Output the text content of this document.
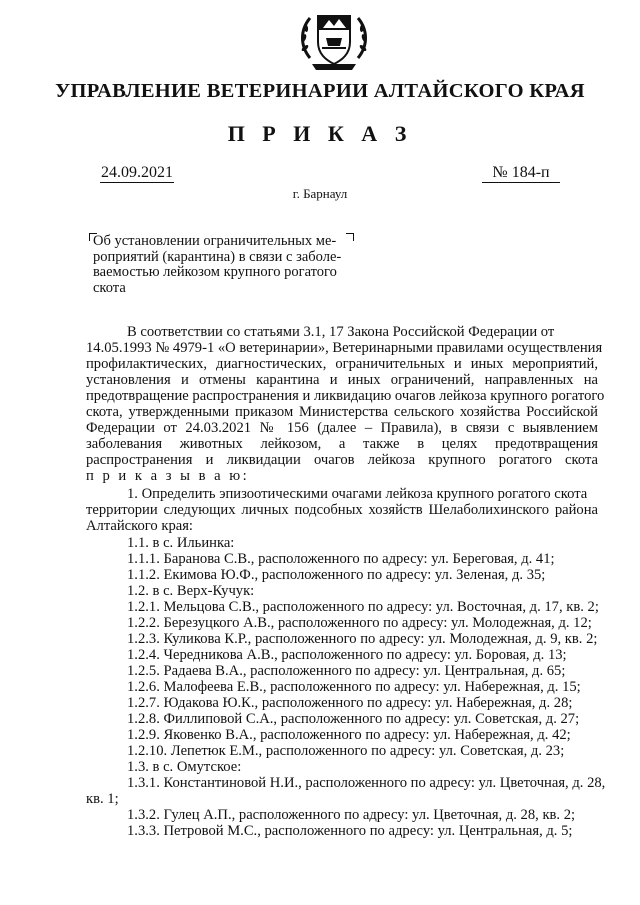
УПРАВЛЕНИЕ ВЕТЕРИНАРИИ АЛТАЙСКОГО КРАЯ
П Р И К А З
24.09.2021	№ 184-п
г. Барнаул
Об установлении ограничительных ме-
роприятий (карантина) в связи с заболе-
ваемостью лейкозом крупного рогатого
скота
В соответствии со статьями 3.1, 17 Закона Российской Федерации от
14.05.1993 № 4979-1 «О ветеринарии», Ветеринарными правилами осуществления
профилактических, диагностических, ограничительных и иных мероприятий,
установления и отмены карантина и иных ограничений, направленных на
предотвращение распространения и ликвидацию очагов лейкоза крупного рогатого
скота, утвержденными приказом Министерства сельского хозяйства Российской
Федерации от 24.03.2021 № 156 (далее – Правила), в связи с выявлением
заболевания животных лейкозом, а также в целях предотвращения
распространения и ликвидации очагов лейкоза крупного рогатого скота
п р и к а з ы в а ю:
1. Определить эпизоотическими очагами лейкоза крупного рогатого скота
территории следующих личных подсобных хозяйств Шелаболихинского района
Алтайского края:
1.1. в с. Ильинка:
1.1.1. Баранова С.В., расположенного по адресу: ул. Береговая, д. 41;
1.1.2. Екимова Ю.Ф., расположенного по адресу: ул. Зеленая, д. 35;
1.2. в с. Верх-Кучук:
1.2.1. Мельцова С.В., расположенного по адресу: ул. Восточная, д. 17, кв. 2;
1.2.2. Березуцкого А.В., расположенного по адресу: ул. Молодежная, д. 12;
1.2.3. Куликова К.Р., расположенного по адресу: ул. Молодежная, д. 9, кв. 2;
1.2.4. Чередникова А.В., расположенного по адресу: ул. Боровая, д. 13;
1.2.5. Радаева В.А., расположенного по адресу: ул. Центральная, д. 65;
1.2.6. Малофеева Е.В., расположенного по адресу: ул. Набережная, д. 15;
1.2.7. Юдакова Ю.К., расположенного по адресу: ул. Набережная, д. 28;
1.2.8. Филлиповой С.А., расположенного по адресу: ул. Советская, д. 27;
1.2.9. Яковенко В.А., расположенного по адресу: ул. Набережная, д. 42;
1.2.10. Лепетюк Е.М., расположенного по адресу: ул. Советская, д. 23;
1.3. в с. Омутское:
1.3.1. Константиновой Н.И., расположенного по адресу: ул. Цветочная, д. 28,
кв. 1;
1.3.2. Гулец А.П., расположенного по адресу: ул. Цветочная, д. 28, кв. 2;
1.3.3. Петровой М.С., расположенного по адресу: ул. Центральная, д. 5;
